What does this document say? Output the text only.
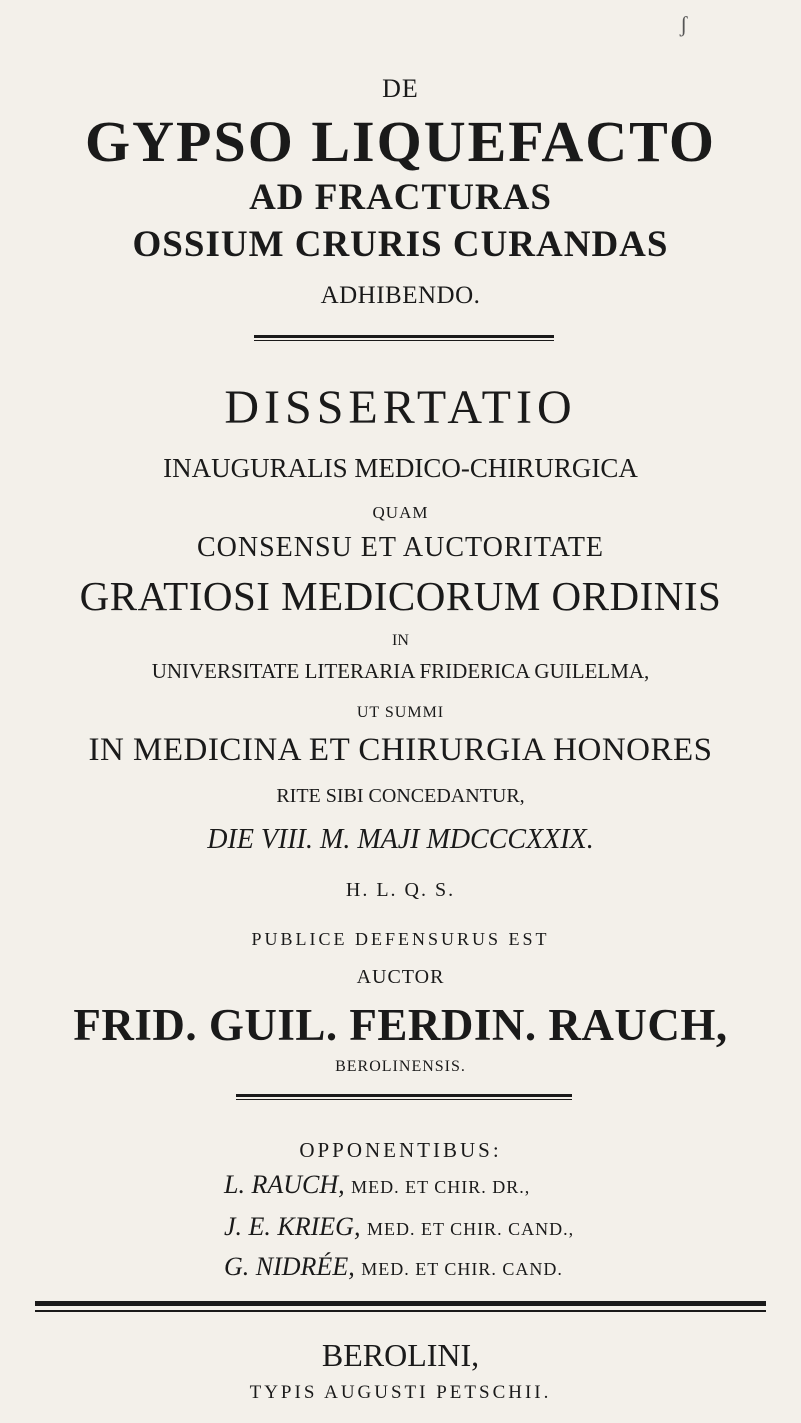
ʃ
DE
GYPSO LIQUEFACTO
AD FRACTURAS
OSSIUM CRURIS CURANDAS
ADHIBENDO.
DISSERTATIO
INAUGURALIS MEDICO-CHIRURGICA
QUAM
CONSENSU ET AUCTORITATE
GRATIOSI MEDICORUM ORDINIS
IN
UNIVERSITATE LITERARIA FRIDERICA GUILELMA,
UT SUMMI
IN MEDICINA ET CHIRURGIA HONORES
RITE SIBI CONCEDANTUR,
DIE VIII. M. MAJI MDCCCXXIX.
H. L. Q. S.
PUBLICE DEFENSURUS EST
AUCTOR
FRID. GUIL. FERDIN. RAUCH,
BEROLINENSIS.
OPPONENTIBUS:
L. RAUCH, MED. ET CHIR. DR.,
J. E. KRIEG, MED. ET CHIR. CAND.,
G. NIDRÉE, MED. ET CHIR. CAND.
BEROLINI,
TYPIS AUGUSTI PETSCHII.
